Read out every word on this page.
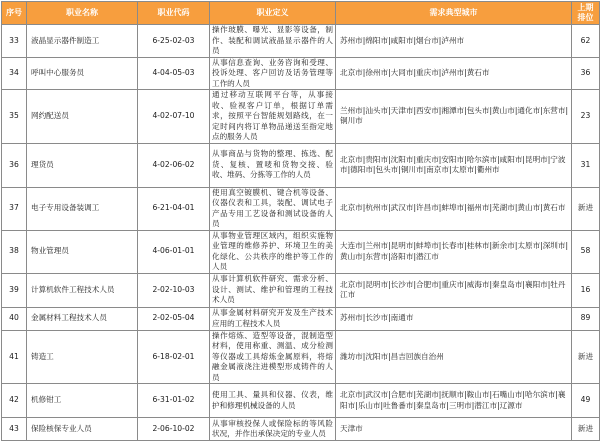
序号	职业名称	职业代码	职业定义	需求典型城市	上期排位
33	液晶显示器件制造工	6-25-02-03	操作玻膜、曝光、显影等设备，制作、装配和调试液晶显示器件的人员	苏州市|绵阳市|咸阳市|烟台市|泸州市	62
34	呼叫中心服务员	4-04-05-03	从事信息查询、业务咨询和受理、投诉处理、客户回访及话务管理等工作的人员	北京市|徐州市|大同市|重庆市|泸州市|黄石市	36
35	网约配送员	4-02-07-10	通过移动互联网平台等，从事接收、验视客户订单，根据订单需求，按照平台智能规划路线，在一定时间内将订单物品递送至指定地点的服务人员	兰州市|汕头市|天津市|西安市|湘潭市|包头市|黄山市|通化市|东营市|铜川市	23
36	理货员	4-02-06-02	从事商品与货物的整理、拣选、配货、复核、置唛和货物交接、验收、堆码、分拣等工作的人员	北京市|贵阳市|沈阳市|重庆市|安阳市|哈尔滨市|咸阳市|昆明市|宁波市|德阳市|包头市|铜川市|南京市|太原市|衢州市	31
37	电子专用设备装调工	6-21-04-01	使用真空镀膜机、键合机等设备、仪器仪表和工具，装配、调试电子产品专用工艺设备和测试设备的人员	北京市|杭州市|武汉市|许昌市|蚌埠市|福州市|芜湖市|黄山市|黄石市	新进
38	物业管理员	4-06-01-01	从事物业管理区域内，组织实施物业管理的维修养护、环境卫生的美化绿化、公共秩序的维护等工作的人员	大连市|兰州市|昆明市|蚌埠市|长春市|桂林市|新余市|太原市|深圳市|黄山市|东营市|洛阳市|潜江市	58
39	计算机软件工程技术人员	2-02-10-03	从事计算机软件研究、需求分析、设计、测试、维护和管理的工程技术人员	北京市|昆明市|长沙市|合肥市|重庆市|威海市|秦皇岛市|襄阳市|牡丹江市	16
40	金属材料工程技术人员	2-02-05-04	从事金属材料研究开发及生产技术应用的工程技术人员	苏州市|长沙市|南通市	89
41	铸造工	6-18-02-01	操作熔炼、造型等设备，混制造型材料，使用称重、测温、成分检测等仪器或工具熔炼金属原料，将熔融金属液浇注进模型形成铸件的人员	潍坊市|沈阳市|昌吉回族自治州	新进
42	机修钳工	6-31-01-02	使用工具、量具和仪器、仪表，维护和修理机械设备的人员	北京市|武汉市|合肥市|芜湖市|抚顺市|鞍山市|石嘴山市|哈尔滨市|襄阳市|乐山市|吐鲁番市|秦皇岛市|三明市|潜江市|辽源市	49
43	保险核保专业人员	2-06-10-02	从事审核投保人或保险标的等风险状况，并作出承保决定的专业人员	天津市	新进
